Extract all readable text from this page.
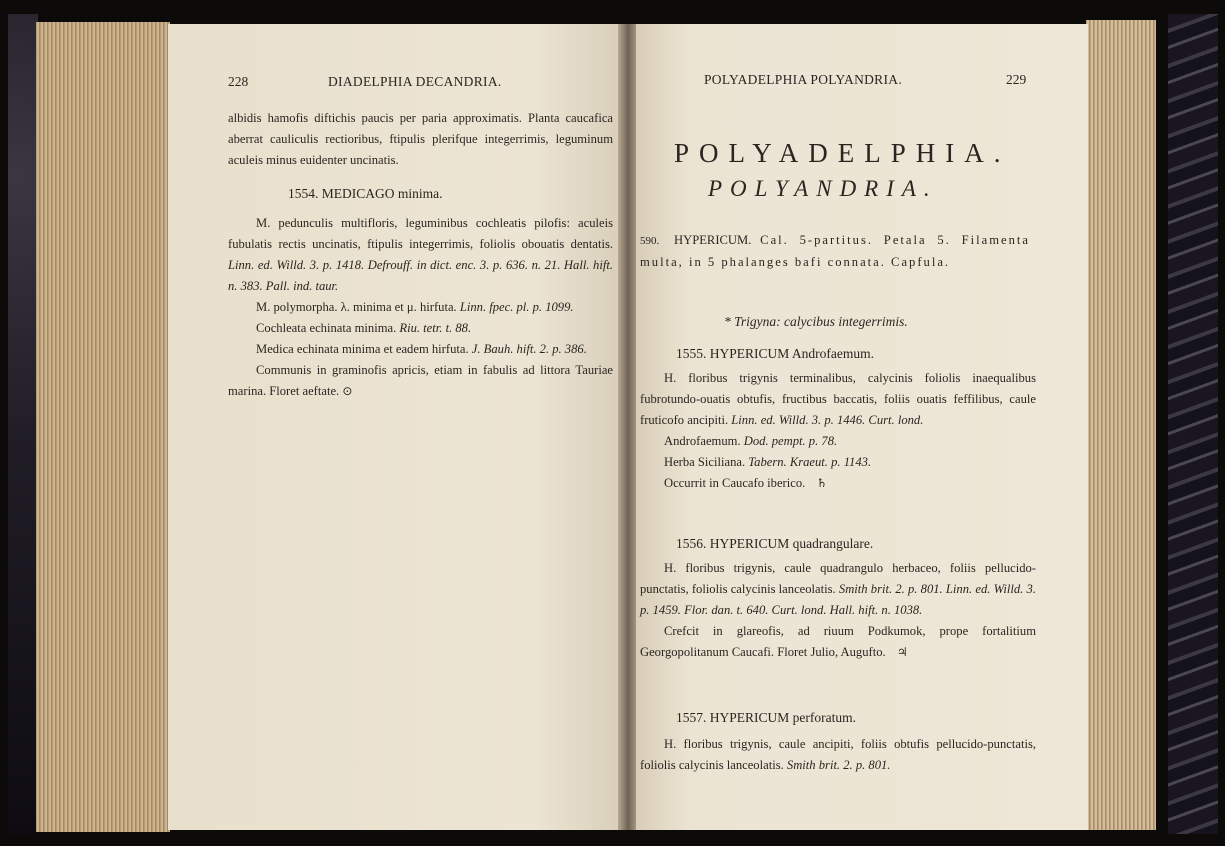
228	DIADELPHIA DECANDRIA.

albidis hamofis diftichis paucis per paria approximatis. Planta caucafica aberrat cauliculis rectioribus, ftipulis plerifque integerrimis, leguminum aculeis minus euidenter uncinatis.

1554. MEDICAGO minima.

M. pedunculis multifloris, leguminibus cochleatis pilofis: aculeis fubulatis rectis uncinatis, ftipulis integerrimis, foliolis obouatis dentatis. Linn. ed. Willd. 3. p. 1418. Defrouff. in dict. enc. 3. p. 636. n. 21. Hall. hift. n. 383. Pall. ind. taur.

M. polymorpha. λ. minima et μ. hirfuta. Linn. fpec. pl. p. 1099.

Cochleata echinata minima. Riu. tetr. t. 88.

Medica echinata minima et eadem hirfuta. J. Bauh. hift. 2. p. 386.

Communis in graminofis apricis, etiam in fabulis ad littora Tauriae marina. Floret aeftate. ⊙

POLYADELPHIA POLYANDRIA.	229
POLYADELPHIA.
POLYANDRIA.

590. HYPERICUM. Cal. 5-partitus. Petala 5. Filamenta multa, in 5 phalanges bafi connata. Capfula.

* Trigyna: calycibus integerrimis.
1555. HYPERICUM Androfaemum.

H. floribus trigynis terminalibus, calycinis foliolis inaequalibus fubrotundo-ouatis obtufis, fructibus baccatis, foliis ouatis feffilibus, caule fruticofo ancipiti. Linn. ed. Willd. 3. p. 1446. Curt. lond.

Androfaemum. Dod. pempt. p. 78.

Herba Siciliana. Tabern. Kraeut. p. 1143.

Occurrit in Caucafo iberico. ♄

1556. HYPERICUM quadrangulare.

H. floribus trigynis, caule quadrangulo herbaceo, foliis pellucido-punctatis, foliolis calycinis lanceolatis. Smith brit. 2. p. 801. Linn. ed. Willd. 3. p. 1459. Flor. dan. t. 640. Curt. lond. Hall. hift. n. 1038.

Crefcit in glareofis, ad riuum Podkumok, prope fortalitium Georgopolitanum Caucafi. Floret Julio, Augufto. ♃

1557. HYPERICUM perforatum.

H. floribus trigynis, caule ancipiti, foliis obtufis pellucido-punctatis, foliolis calycinis lanceolatis. Smith brit. 2. p. 801.
